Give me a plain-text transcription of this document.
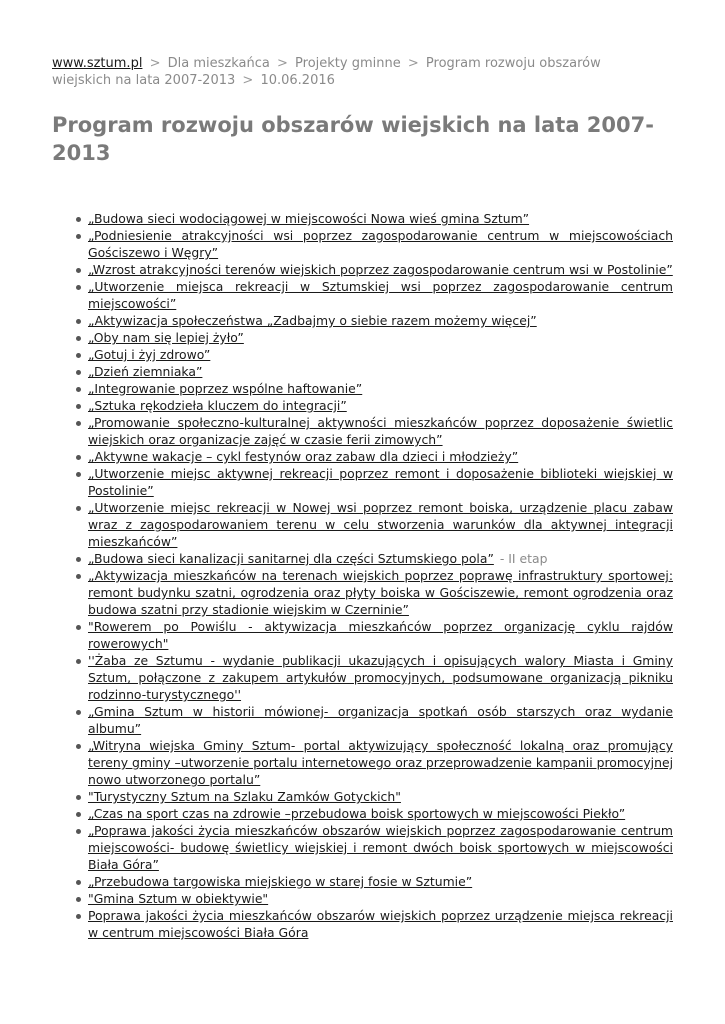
www.sztum.pl > Dla mieszkańca > Projekty gminne > Program rozwoju obszarów wiejskich na lata 2007-2013 > 10.06.2016
Program rozwoju obszarów wiejskich na lata 2007-2013
„Budowa sieci wodociągowej w miejscowości Nowa wieś gmina Sztum”
„Podniesienie atrakcyjności wsi poprzez zagospodarowanie centrum w miejscowościach Gościszewo i Węgry”
„Wzrost atrakcyjności terenów wiejskich poprzez zagospodarowanie centrum wsi w Postolinie”
„Utworzenie miejsca rekreacji w Sztumskiej wsi poprzez zagospodarowanie centrum miejscowości”
„Aktywizacja społeczeństwa „Zadbajmy o siebie razem możemy więcej”
„Oby nam się lepiej żyło”
„Gotuj i żyj zdrowo”
„Dzień ziemniaka”
„Integrowanie poprzez wspólne haftowanie”
„Sztuka rękodzieła kluczem do integracji”
„Promowanie społeczno-kulturalnej aktywności mieszkańców poprzez doposażenie świetlic wiejskich oraz organizacje zajęć w czasie ferii zimowych”
„Aktywne wakacje – cykl festynów oraz zabaw dla dzieci i młodzieży”
„Utworzenie miejsc aktywnej rekreacji poprzez remont i doposażenie biblioteki wiejskiej w Postolinie”
„Utworzenie miejsc rekreacji w Nowej wsi poprzez remont boiska, urządzenie placu zabaw wraz z zagospodarowaniem terenu w celu stworzenia warunków dla aktywnej integracji mieszkańców”
„Budowa sieci kanalizacji sanitarnej dla części Sztumskiego pola” - II etap
„Aktywizacja mieszkańców na terenach wiejskich poprzez poprawę infrastruktury sportowej: remont budynku szatni, ogrodzenia oraz płyty boiska w Gościszewie, remont ogrodzenia oraz budowa szatni przy stadionie wiejskim w Czerninie”
"Rowerem po Powiślu - aktywizacja mieszkańców poprzez organizację cyklu rajdów rowerowych"
''Żaba ze Sztumu - wydanie publikacji ukazujących i opisujących walory Miasta i Gminy Sztum, połączone z zakupem artykułów promocyjnych, podsumowane organizacją pikniku rodzinno-turystycznego''
„Gmina Sztum w historii mówionej- organizacja spotkań osób starszych oraz wydanie albumu”
„Witryna wiejska Gminy Sztum- portal aktywizujący społeczność lokalną oraz promujący tereny gminy –utworzenie portalu internetowego oraz przeprowadzenie kampanii promocyjnej nowo utworzonego portalu”
"Turystyczny Sztum na Szlaku Zamków Gotyckich"
„Czas na sport czas na zdrowie –przebudowa boisk sportowych w miejscowości Piekło”
„Poprawa jakości życia mieszkańców obszarów wiejskich poprzez zagospodarowanie centrum miejscowości- budowę świetlicy wiejskiej i remont dwóch boisk sportowych w miejscowości Biała Góra”
„Przebudowa targowiska miejskiego w starej fosie w Sztumie”
"Gmina Sztum w obiektywie"
Poprawa jakości życia mieszkańców obszarów wiejskich poprzez urządzenie miejsca rekreacji w centrum miejscowości Biała Góra
